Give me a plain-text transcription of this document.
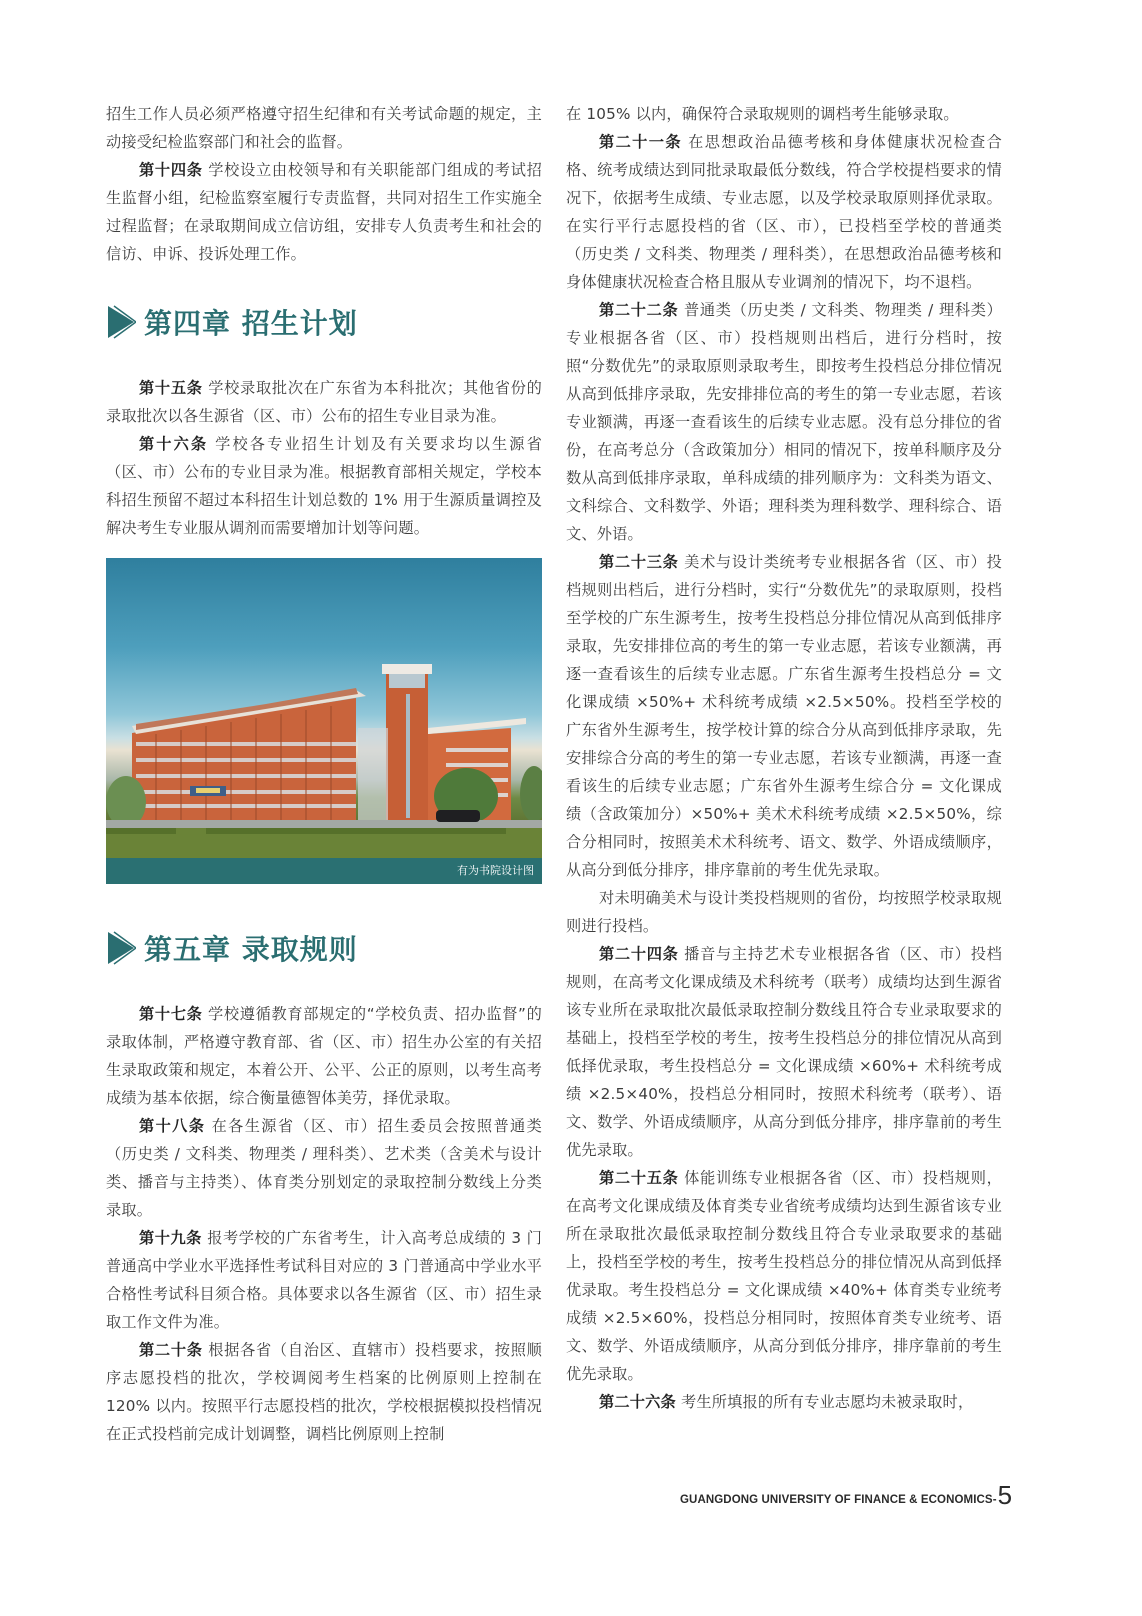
招生工作人员必须严格遵守招生纪律和有关考试命题的规定，主动接受纪检监察部门和社会的监督。

第十四条 学校设立由校领导和有关职能部门组成的考试招生监督小组，纪检监察室履行专责监督，共同对招生工作实施全过程监督；在录取期间成立信访组，安排专人负责考生和社会的信访、申诉、投诉处理工作。

第四章 招生计划

第十五条 学校录取批次在广东省为本科批次；其他省份的录取批次以各生源省（区、市）公布的招生专业目录为准。

第十六条 学校各专业招生计划及有关要求均以生源省（区、市）公布的专业目录为准。根据教育部相关规定，学校本科招生预留不超过本科招生计划总数的 1% 用于生源质量调控及解决考生专业服从调剂而需要增加计划等问题。

有为书院设计图
第五章 录取规则

第十七条 学校遵循教育部规定的“学校负责、招办监督”的录取体制，严格遵守教育部、省（区、市）招生办公室的有关招生录取政策和规定，本着公开、公平、公正的原则，以考生高考成绩为基本依据，综合衡量德智体美劳，择优录取。

第十八条 在各生源省（区、市）招生委员会按照普通类（历史类 / 文科类、物理类 / 理科类）、艺术类（含美术与设计类、播音与主持类）、体育类分别划定的录取控制分数线上分类录取。

第十九条 报考学校的广东省考生，计入高考总成绩的 3 门普通高中学业水平选择性考试科目对应的 3 门普通高中学业水平合格性考试科目须合格。具体要求以各生源省（区、市）招生录取工作文件为准。

第二十条 根据各省（自治区、直辖市）投档要求，按照顺序志愿投档的批次，学校调阅考生档案的比例原则上控制在 120% 以内。按照平行志愿投档的批次，学校根据模拟投档情况在正式投档前完成计划调整，调档比例原则上控制

在 105% 以内，确保符合录取规则的调档考生能够录取。

第二十一条 在思想政治品德考核和身体健康状况检查合格、统考成绩达到同批录取最低分数线，符合学校提档要求的情况下，依据考生成绩、专业志愿，以及学校录取原则择优录取。在实行平行志愿投档的省（区、市），已投档至学校的普通类（历史类 / 文科类、物理类 / 理科类），在思想政治品德考核和身体健康状况检查合格且服从专业调剂的情况下，均不退档。

第二十二条 普通类（历史类 / 文科类、物理类 / 理科类）专业根据各省（区、市）投档规则出档后，进行分档时，按照“分数优先”的录取原则录取考生，即按考生投档总分排位情况从高到低排序录取，先安排排位高的考生的第一专业志愿，若该专业额满，再逐一查看该生的后续专业志愿。没有总分排位的省份，在高考总分（含政策加分）相同的情况下，按单科顺序及分数从高到低排序录取，单科成绩的排列顺序为：文科类为语文、文科综合、文科数学、外语；理科类为理科数学、理科综合、语文、外语。

第二十三条 美术与设计类统考专业根据各省（区、市）投档规则出档后，进行分档时，实行“分数优先”的录取原则，投档至学校的广东生源考生，按考生投档总分排位情况从高到低排序录取，先安排排位高的考生的第一专业志愿，若该专业额满，再逐一查看该生的后续专业志愿。广东省生源考生投档总分 = 文化课成绩 ×50%+ 术科统考成绩 ×2.5×50%。投档至学校的广东省外生源考生，按学校计算的综合分从高到低排序录取，先安排综合分高的考生的第一专业志愿，若该专业额满，再逐一查看该生的后续专业志愿；广东省外生源考生综合分 = 文化课成绩（含政策加分）×50%+ 美术术科统考成绩 ×2.5×50%，综合分相同时，按照美术术科统考、语文、数学、外语成绩顺序，从高分到低分排序，排序靠前的考生优先录取。

对未明确美术与设计类投档规则的省份，均按照学校录取规则进行投档。

第二十四条 播音与主持艺术专业根据各省（区、市）投档规则，在高考文化课成绩及术科统考（联考）成绩均达到生源省该专业所在录取批次最低录取控制分数线且符合专业录取要求的基础上，投档至学校的考生，按考生投档总分的排位情况从高到低择优录取，考生投档总分 = 文化课成绩 ×60%+ 术科统考成绩 ×2.5×40%，投档总分相同时，按照术科统考（联考）、语文、数学、外语成绩顺序，从高分到低分排序，排序靠前的考生优先录取。

第二十五条 体能训练专业根据各省（区、市）投档规则，在高考文化课成绩及体育类专业省统考成绩均达到生源省该专业所在录取批次最低录取控制分数线且符合专业录取要求的基础上，投档至学校的考生，按考生投档总分的排位情况从高到低择优录取。考生投档总分 = 文化课成绩 ×40%+ 体育类专业统考成绩 ×2.5×60%，投档总分相同时，按照体育类专业统考、语文、数学、外语成绩顺序，从高分到低分排序，排序靠前的考生优先录取。

第二十六条 考生所填报的所有专业志愿均未被录取时，

GUANGDONG UNIVERSITY OF FINANCE & ECONOMICS - 5
